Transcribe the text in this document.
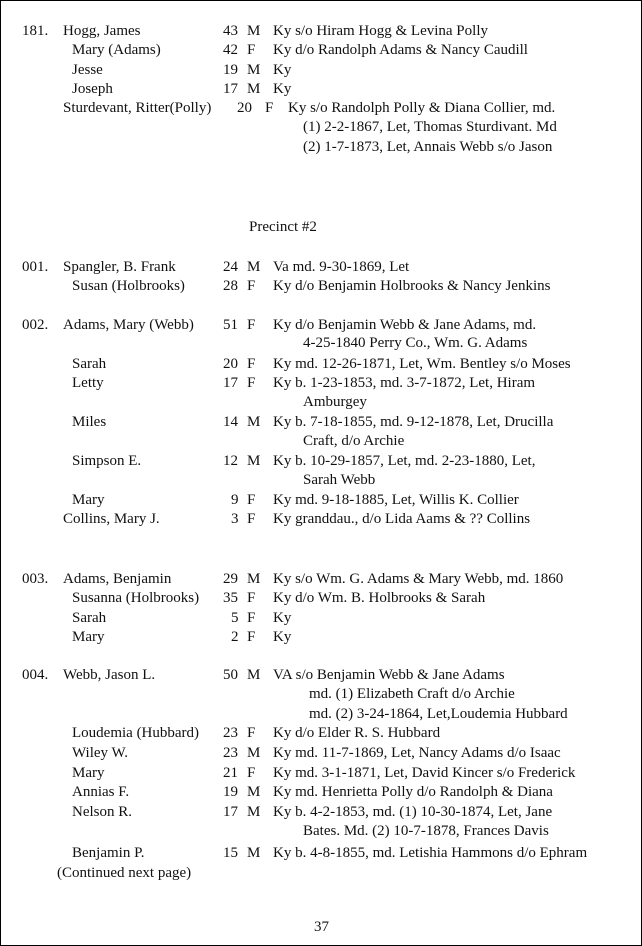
181. Hogg, James	43 M Ky s/o Hiram Hogg & Levina Polly
Mary (Adams)	42 F Ky d/o Randolph Adams & Nancy Caudill
Jesse	19 M Ky
Joseph	17 M Ky
Sturdevant, Ritter(Polly) 20 F Ky s/o Randolph Polly & Diana Collier, md.
(1) 2-2-1867, Let, Thomas Sturdivant. Md
(2) 1-7-1873, Let, Annais Webb s/o Jason
Precinct #2
001. Spangler, B. Frank	24 M Va md. 9-30-1869, Let
Susan (Holbrooks)	28 F Ky d/o Benjamin Holbrooks & Nancy Jenkins
002. Adams, Mary (Webb) 51 F Ky d/o Benjamin Webb & Jane Adams, md.
4-25-1840 Perry Co., Wm. G. Adams
Sarah	20 F Ky md. 12-26-1871, Let, Wm. Bentley s/o Moses
Letty	17 F Ky b. 1-23-1853, md. 3-7-1872, Let, Hiram
Amburgey
Miles	14 M Ky b. 7-18-1855, md. 9-12-1878, Let, Drucilla
Craft, d/o Archie
Simpson E.	12 M Ky b. 10-29-1857, Let, md. 2-23-1880, Let,
Sarah Webb
Mary	9 F Ky md. 9-18-1885, Let, Willis K. Collier
Collins, Mary J.	3 F Ky granddau., d/o Lida Aams & ?? Collins
003. Adams, Benjamin	29 M Ky s/o Wm. G. Adams & Mary Webb, md. 1860
Susanna (Holbrooks) 35 F Ky d/o Wm. B. Holbrooks & Sarah
Sarah	5 F Ky
Mary	2 F Ky
004. Webb, Jason L.	50 M VA s/o Benjamin Webb & Jane Adams
md. (1) Elizabeth Craft d/o Archie
md. (2) 3-24-1864, Let,Loudemia Hubbard
Loudemia (Hubbard) 23 F Ky d/o Elder R. S. Hubbard
Wiley W.	23 M Ky md. 11-7-1869, Let, Nancy Adams d/o Isaac
Mary	21 F Ky md. 3-1-1871, Let, David Kincer s/o Frederick
Annias F.	19 M Ky md. Henrietta Polly d/o Randolph & Diana
Nelson R.	17 M Ky b. 4-2-1853, md. (1) 10-30-1874, Let, Jane
Bates. Md. (2) 10-7-1878, Frances Davis
Benjamin P.	15 M Ky b. 4-8-1855, md. Letishia Hammons d/o Ephram
(Continued next page)
37
